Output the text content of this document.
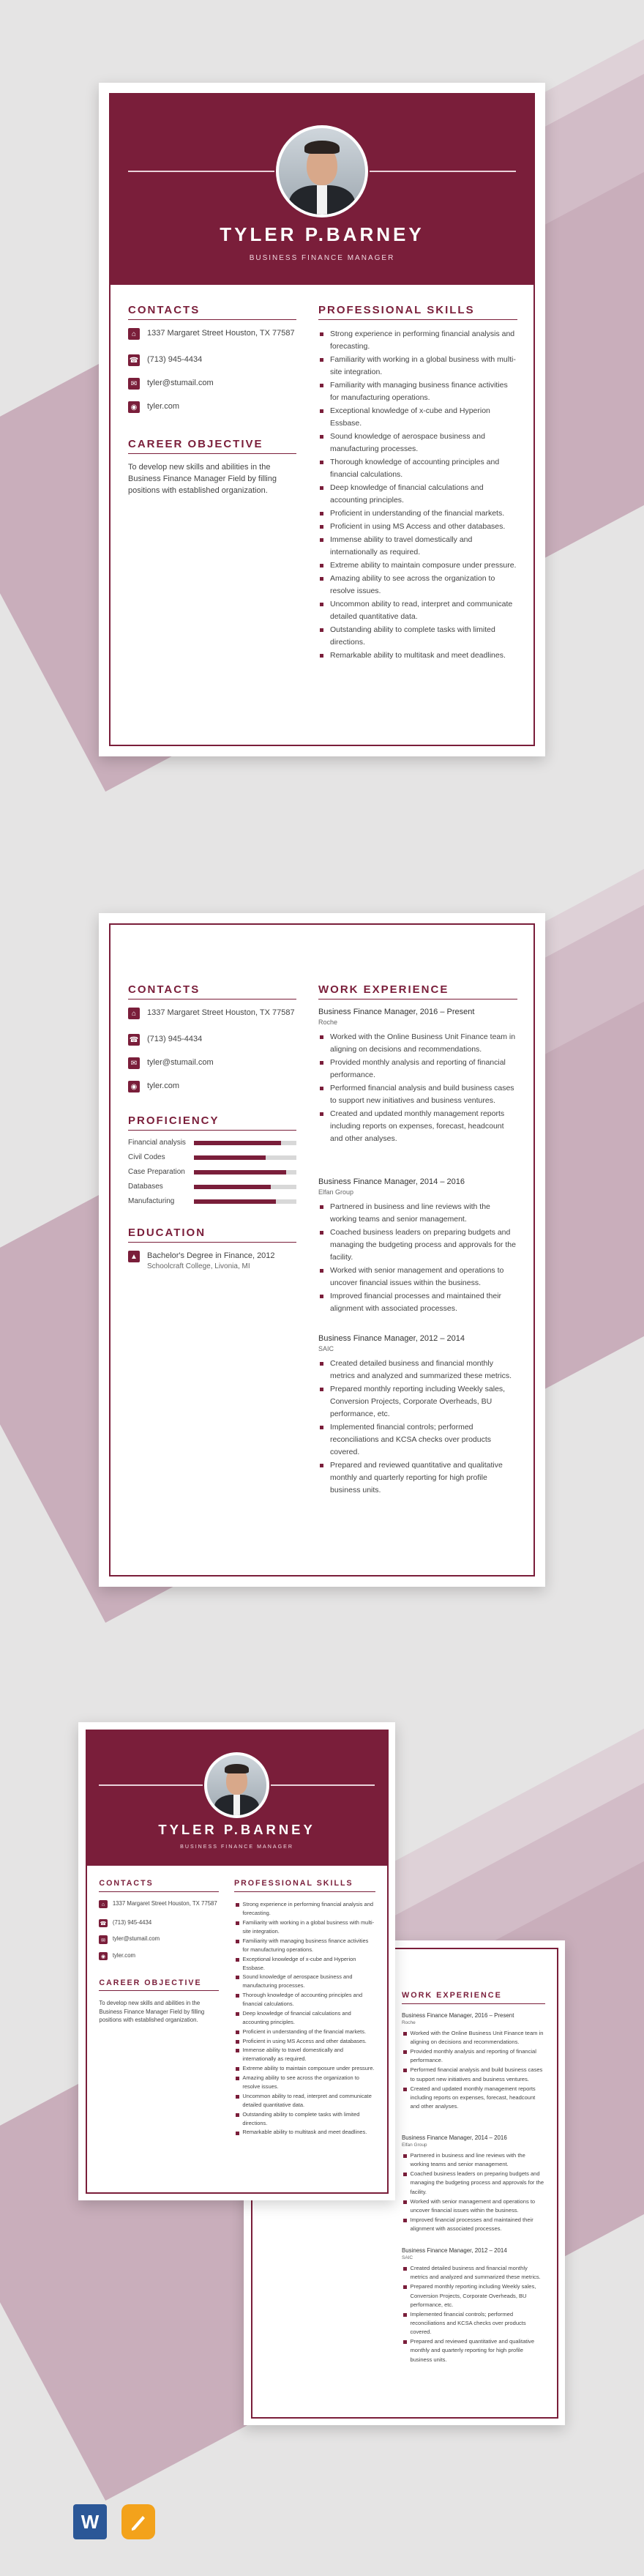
TYLER P.BARNEY
BUSINESS FINANCE MANAGER
CONTACTS
⌂	1337 Margaret Street Houston, TX 77587
☎ (713) 945-4434
✉	tyler@stumail.com
◉	tyler.com
CAREER OBJECTIVE
To develop new skills and abilities in the Business Finance Manager Field by filling positions with established organization.
PROFESSIONAL SKILLS
Strong experience in performing financial analysis and forecasting.
Familiarity with working in a global business with multi-site integration.
Familiarity with managing business finance activities for manufacturing operations.
Exceptional knowledge of x-cube and Hyperion Essbase.
Sound knowledge of aerospace business and manufacturing processes.
Thorough knowledge of accounting principles and financial calculations.
Deep knowledge of financial calculations and accounting principles.
Proficient in understanding of the financial markets.
Proficient in using MS Access and other databases.
Immense ability to travel domestically and internationally as required.
Extreme ability to maintain composure under pressure.
Amazing ability to see across the organization to resolve issues.
Uncommon ability to read, interpret and communicate detailed quantitative data.
Outstanding ability to complete tasks with limited directions.
Remarkable ability to multitask and meet deadlines.
CONTACTS
⌂	1337 Margaret Street Houston, TX 77587
☎ (713) 945-4434
✉	tyler@stumail.com
◉	tyler.com
PROFICIENCY
Financial analysis
Civil Codes
Case Preparation
Databases
Manufacturing
EDUCATION
▲ Bachelor's Degree in Finance, 2012
Schoolcraft College, Livonia, MI
WORK EXPERIENCE
Business Finance Manager, 2016 – Present
Roche
Worked with the Online Business Unit Finance team in aligning on decisions and recommendations.
Provided monthly analysis and reporting of financial performance.
Performed financial analysis and build business cases to support new initiatives and business ventures.
Created and updated monthly management reports including reports on expenses, forecast, headcount and other analyses.
Business Finance Manager, 2014 – 2016
Elfan Group
Partnered in business and line reviews with the working teams and senior management.
Coached business leaders on preparing budgets and managing the budgeting process and approvals for the facility.
Worked with senior management and operations to uncover financial issues within the business.
Improved financial processes and maintained their alignment with associated processes.
Business Finance Manager, 2012 – 2014
SAIC
Created detailed business and financial monthly metrics and analyzed and summarized these metrics.
Prepared monthly reporting including Weekly sales, Conversion Projects, Corporate Overheads, BU performance, etc.
Implemented financial controls; performed reconciliations and KCSA checks over products covered.
Prepared and reviewed quantitative and qualitative monthly and quarterly reporting for high profile business units.
WORK EXPERIENCE
Business Finance Manager, 2016 – Present
Roche
Worked with the Online Business Unit Finance team in aligning on decisions and recommendations.
Provided monthly analysis and reporting of financial performance.
Performed financial analysis and build business cases to support new initiatives and business ventures.
Created and updated monthly management reports including reports on expenses, forecast, headcount and other analyses.
Business Finance Manager, 2014 – 2016
Elfan Group
Partnered in business and line reviews with the working teams and senior management.
Coached business leaders on preparing budgets and managing the budgeting process and approvals for the facility.
Worked with senior management and operations to uncover financial issues within the business.
Improved financial processes and maintained their alignment with associated processes.
Business Finance Manager, 2012 – 2014
SAIC
Created detailed business and financial monthly metrics and analyzed and summarized these metrics.
Prepared monthly reporting including Weekly sales, Conversion Projects, Corporate Overheads, BU performance, etc.
Implemented financial controls; performed reconciliations and KCSA checks over products covered.
Prepared and reviewed quantitative and qualitative monthly and quarterly reporting for high profile business units.
TYLER P.BARNEY
BUSINESS FINANCE MANAGER
CONTACTS
⌂	1337 Margaret Street Houston, TX 77587
☎ (713) 945-4434
✉	tyler@stumail.com
◉	tyler.com
CAREER OBJECTIVE
To develop new skills and abilities in the Business Finance Manager Field by filling positions with established organization.
PROFESSIONAL SKILLS
Strong experience in performing financial analysis and forecasting.
Familiarity with working in a global business with multi-site integration.
Familiarity with managing business finance activities for manufacturing operations.
Exceptional knowledge of x-cube and Hyperion Essbase.
Sound knowledge of aerospace business and manufacturing processes.
Thorough knowledge of accounting principles and financial calculations.
Deep knowledge of financial calculations and accounting principles.
Proficient in understanding of the financial markets.
Proficient in using MS Access and other databases.
Immense ability to travel domestically and internationally as required.
Extreme ability to maintain composure under pressure.
Amazing ability to see across the organization to resolve issues.
Uncommon ability to read, interpret and communicate detailed quantitative data.
Outstanding ability to complete tasks with limited directions.
Remarkable ability to multitask and meet deadlines.
W
